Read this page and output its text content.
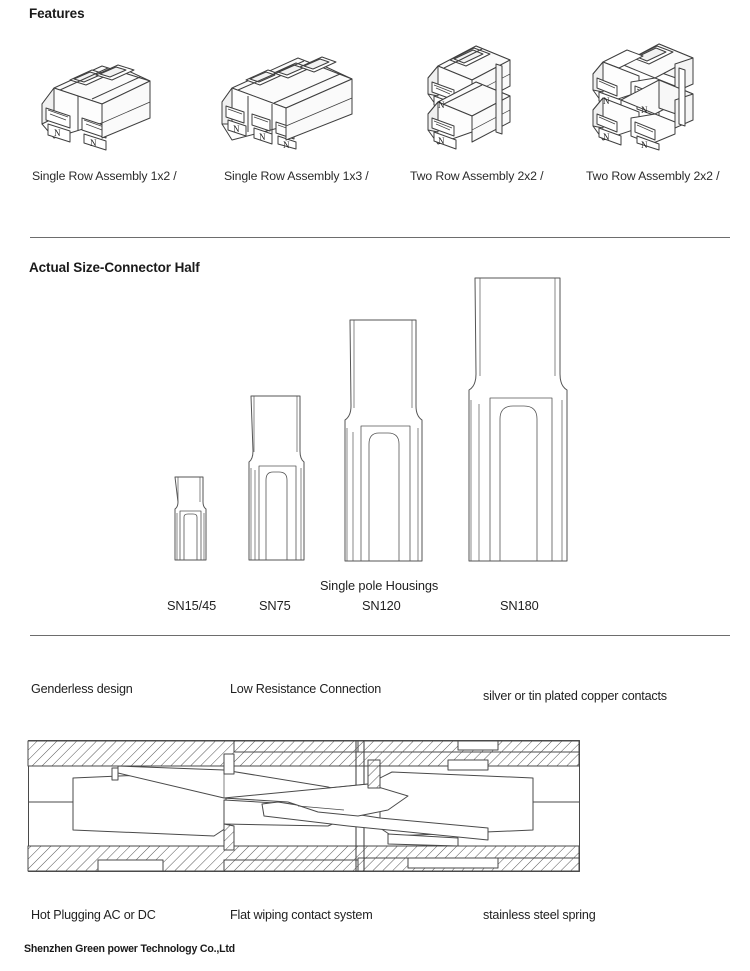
Features
N
N
N
N
N
N
N
N
N
N
N
Single Row Assembly 1x2 /	Single Row Assembly 1x3 /	Two Row Assembly 2x2 /	Two Row Assembly 2x2 /
Actual Size-Connector Half
Single pole Housings
SN15/45	SN75	SN120	SN180
Genderless design	Low Resistance Connection	silver or tin plated copper contacts
Hot Plugging AC or DC	Flat wiping contact system	stainless steel spring
Shenzhen Green power Technology Co.,Ltd
